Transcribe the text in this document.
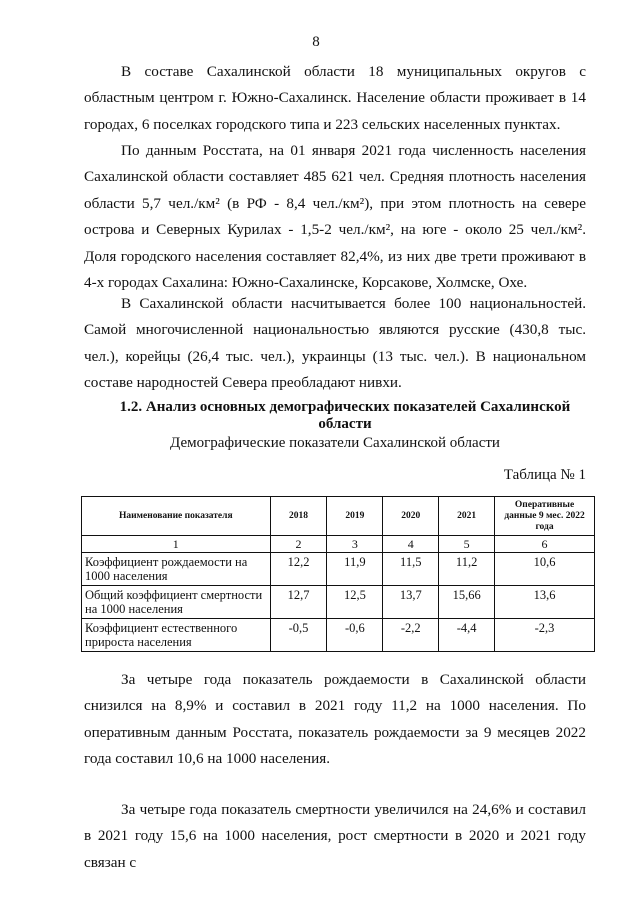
8

В составе Сахалинской области 18 муниципальных округов с областным центром г. Южно-Сахалинск. Население области проживает в 14 городах, 6 поселках городского типа и 223 сельских населенных пунктах.

По данным Росстата, на 01 января 2021 года численность населения Сахалинской области составляет 485 621 чел. Средняя плотность населения области 5,7 чел./км² (в РФ - 8,4 чел./км²), при этом плотность на севере острова и Северных Курилах - 1,5-2 чел./км², на юге - около 25 чел./км². Доля городского населения составляет 82,4%, из них две трети проживают в 4-х городах Сахалина: Южно-Сахалинске, Корсакове, Холмске, Охе.

В Сахалинской области насчитывается более 100 национальностей. Самой многочисленной национальностью являются русские (430,8 тыс. чел.), корейцы (26,4 тыс. чел.), украинцы (13 тыс. чел.). В национальном составе народностей Севера преобладают нивхи.

1.2. Анализ основных демографических показателей Сахалинской области
Демографические показатели Сахалинской области
Таблица № 1
Наименование показателя	2018	2019	2020	2021	Оперативные данные 9 мес. 2022 года
1	2	3	4	5	6
Коэффициент рождаемости на 1000 населения	12,2	11,9	11,5	11,2	10,6
Общий коэффициент смертности на 1000 населения	12,7	12,5	13,7	15,66	13,6
Коэффициент естественного прироста населения	-0,5	-0,6	-2,2	-4,4	-2,3

За четыре года показатель рождаемости в Сахалинской области снизился на 8,9% и составил в 2021 году 11,2 на 1000 населения. По оперативным данным Росстата, показатель рождаемости за 9 месяцев 2022 года составил 10,6 на 1000 населения.

За четыре года показатель смертности увеличился на 24,6% и составил в 2021 году 15,6 на 1000 населения, рост смертности в 2020 и 2021 году связан с
